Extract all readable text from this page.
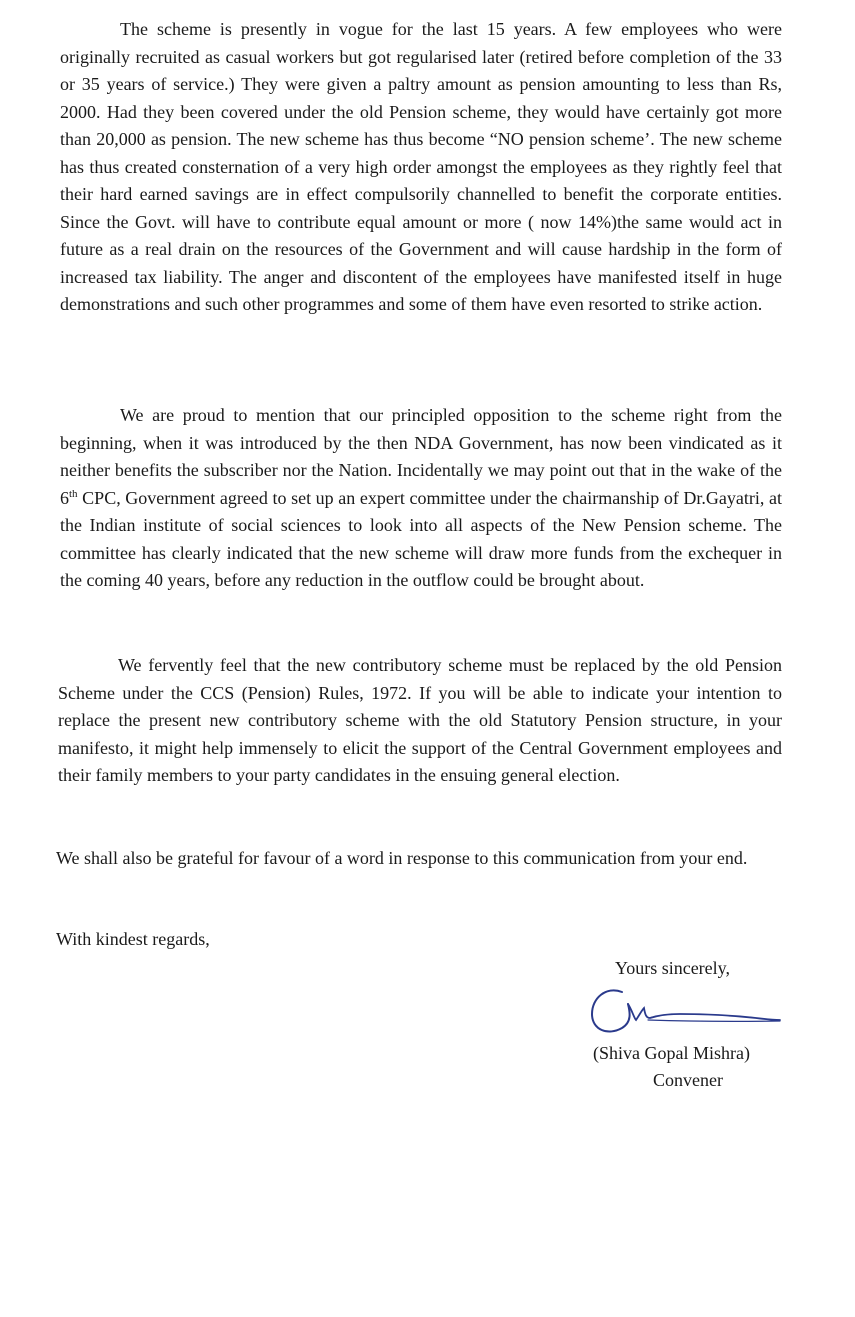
The scheme is presently in vogue for the last 15 years. A few employees who were originally recruited as casual workers but got regularised later (retired before completion of the 33 or 35 years of service.) They were given a paltry amount as pension amounting to less than Rs, 2000. Had they been covered under the old Pension scheme, they would have certainly got more than 20,000 as pension. The new scheme has thus become “NO pension scheme’. The new scheme has thus created consternation of a very high order amongst the employees as they rightly feel that their hard earned savings are in effect compulsorily channelled to benefit the corporate entities. Since the Govt. will have to contribute equal amount or more ( now 14%)the same would act in future as a real drain on the resources of the Government and will cause hardship in the form of increased tax liability. The anger and discontent of the employees have manifested itself in huge demonstrations and such other programmes and some of them have even resorted to strike action.

We are proud to mention that our principled opposition to the scheme right from the beginning, when it was introduced by the then NDA Government, has now been vindicated as it neither benefits the subscriber nor the Nation. Incidentally we may point out that in the wake of the 6th CPC, Government agreed to set up an expert committee under the chairmanship of Dr.Gayatri, at the Indian institute of social sciences to look into all aspects of the New Pension scheme. The committee has clearly indicated that the new scheme will draw more funds from the exchequer in the coming 40 years, before any reduction in the outflow could be brought about.

We fervently feel that the new contributory scheme must be replaced by the old Pension Scheme under the CCS (Pension) Rules, 1972. If you will be able to indicate your intention to replace the present new contributory scheme with the old Statutory Pension structure, in your manifesto, it might help immensely to elicit the support of the Central Government employees and their family members to your party candidates in the ensuing general election.

We shall also be grateful for favour of a word in response to this communication from your end.

With kindest regards,

Yours sincerely,
(Shiva Gopal Mishra)
Convener
